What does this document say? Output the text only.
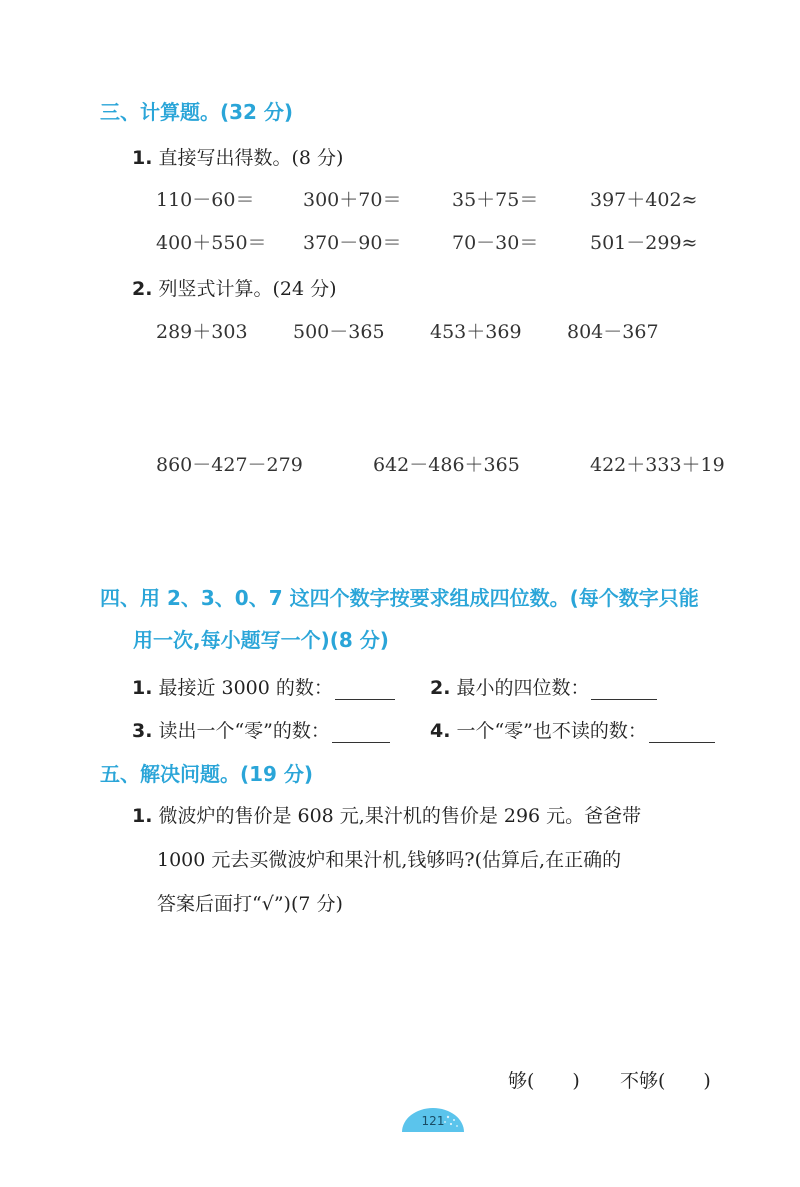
三、计算题。(32 分)
1. 直接写出得数。(8 分)
110－60＝	300＋70＝	35＋75＝	397＋402≈
400＋550＝ 370－90＝	70－30＝	501－299≈
2. 列竖式计算。(24 分)
289＋303 500－365 453＋369 804－367
860－427－279	642－486＋365	422＋333＋19
四、用 2、3、0、7 这四个数字按要求组成四位数。(每个数字只能
用一次,每小题写一个)(8 分)
1. 最接近 3000 的数：	2. 最小的四位数：
3. 读出一个“零”的数：	4. 一个“零”也不读的数：
五、解决问题。(19 分)
1. 微波炉的售价是 608 元,果汁机的售价是 296 元。爸爸带
1000 元去买微波炉和果汁机,钱够吗?(估算后,在正确的
答案后面打“√”)(7 分)
够(　　) 不够(　　)
121
